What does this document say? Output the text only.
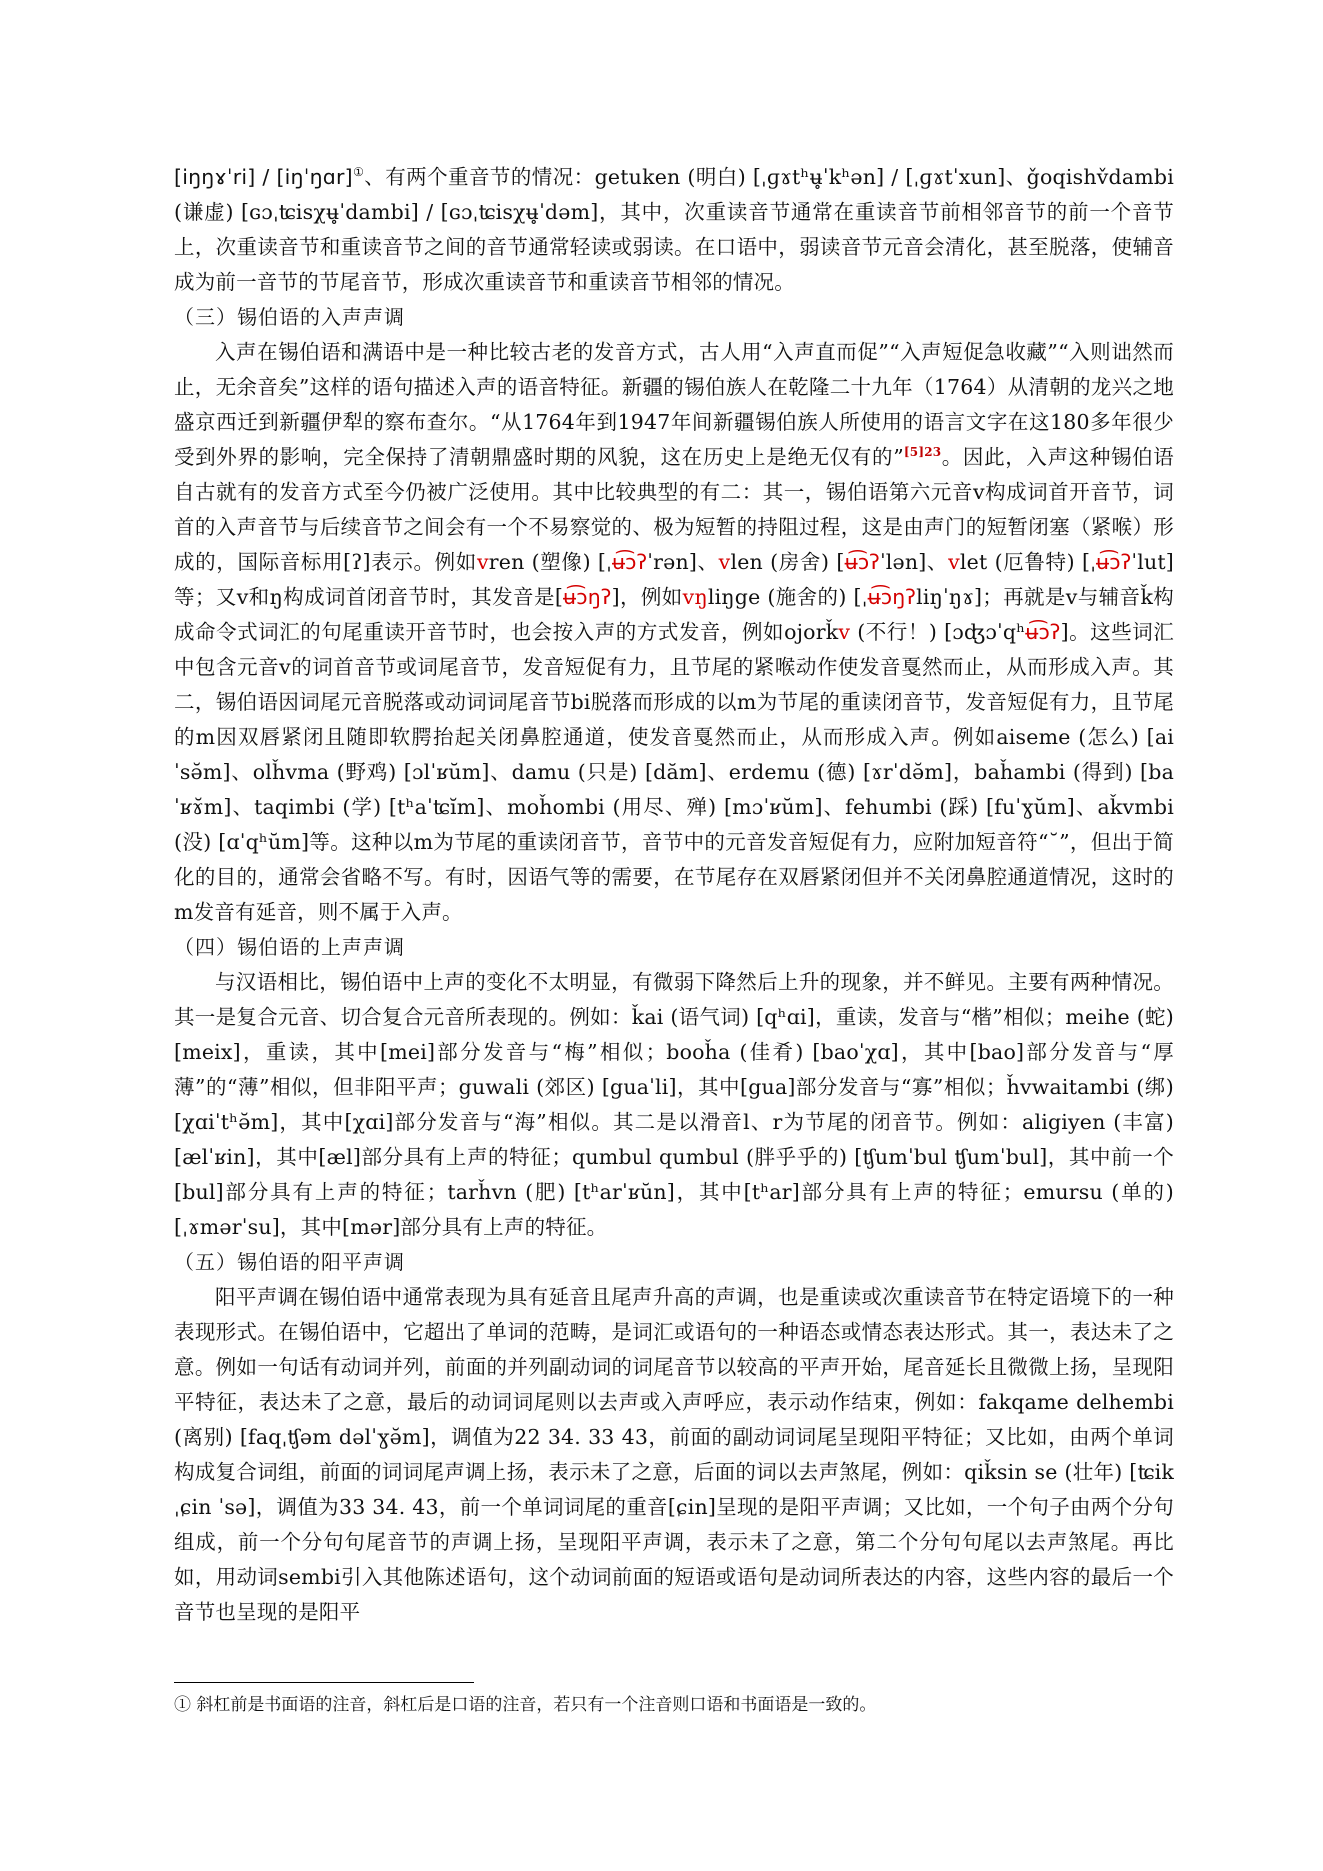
[iŋŋɤˈri] / [iŋˈŋɑr]①、有两个重音节的情况：getuken (明白) [ˌɡɤtʰʉ̥ˈkʰən] / [ˌɡɤtˈxun]、ǧoqishv̌dambi (谦虚) [ɢɔˌʨisχʉ̥ˈdambi] / [ɢɔˌʨisχʉ̥ˈdəm]，其中，次重读音节通常在重读音节前相邻音节的前一个音节上，次重读音节和重读音节之间的音节通常轻读或弱读。在口语中，弱读音节元音会清化，甚至脱落，使辅音成为前一音节的节尾音节，形成次重读音节和重读音节相邻的情况。

（三）锡伯语的入声声调

入声在锡伯语和满语中是一种比较古老的发音方式，古人用“入声直而促”“入声短促急收藏”“入则诎然而止，无余音矣”这样的语句描述入声的语音特征。新疆的锡伯族人在乾隆二十九年（1764）从清朝的龙兴之地盛京西迁到新疆伊犁的察布查尔。“从1764年到1947年间新疆锡伯族人所使用的语言文字在这180多年很少受到外界的影响，完全保持了清朝鼎盛时期的风貌，这在历史上是绝无仅有的”$^{[5]23}$。因此，入声这种锡伯语自古就有的发音方式至今仍被广泛使用。其中比较典型的有二：其一，锡伯语第六元音v构成词首开音节，词首的入声音节与后续音节之间会有一个不易察觉的、极为短暂的持阻过程，这是由声门的短暂闭塞（紧喉）形成的，国际音标用[ʔ]表示。例如vren (塑像) [ˌʉ͡ɔʔˈrən]、vlen (房舍) [ʉ͡ɔʔˈlən]、vlet (厄鲁特) [ˌʉ͡ɔʔˈlut]等；又v和ŋ构成词首闭音节时，其发音是[ʉ͡ɔŋʔ]，例如vŋliŋge (施舍的) [ˌʉ͡ɔŋʔliŋˈŋɤ]；再就是v与辅音ǩ构成命令式词汇的句尾重读开音节时，也会按入声的方式发音，例如ojorǩv (不行！) [ɔʤɔˈqʰʉ͡ɔʔ]。这些词汇中包含元音v的词首音节或词尾音节，发音短促有力，且节尾的紧喉动作使发音戛然而止，从而形成入声。其二，锡伯语因词尾元音脱落或动词词尾音节bi脱落而形成的以m为节尾的重读闭音节，发音短促有力，且节尾的m因双唇紧闭且随即软腭抬起关闭鼻腔通道，使发音戛然而止，从而形成入声。例如aiseme (怎么) [aiˈsə̆m]、olȟvma (野鸡) [ɔlˈʁŭm]、damu (只是) [dăm]、erdemu (德) [ɤrˈdə̆m]，baȟambi (得到) [baˈʁɤ̆m]、taqimbi (学) [tʰaˈʨĭm]、moȟombi (用尽、殚) [mɔˈʁŭm]、fehumbi (踩) [fuˈɣŭm]、aǩvmbi (没) [ɑˈqʰŭm]等。这种以m为节尾的重读闭音节，音节中的元音发音短促有力，应附加短音符“˘”，但出于简化的目的，通常会省略不写。有时，因语气等的需要，在节尾存在双唇紧闭但并不关闭鼻腔通道情况，这时的m发音有延音，则不属于入声。

（四）锡伯语的上声声调

与汉语相比，锡伯语中上声的变化不太明显，有微弱下降然后上升的现象，并不鲜见。主要有两种情况。其一是复合元音、切合复合元音所表现的。例如：ǩai (语气词) [qʰɑi]，重读，发音与“楷”相似；meihe (蛇) [meix]，重读，其中[mei]部分发音与“梅”相似；booȟa (佳肴) [baoˈχɑ]，其中[bao]部分发音与“厚薄”的“薄”相似，但非阳平声；guwali (郊区) [guaˈli]，其中[gua]部分发音与“寡”相似；ȟvwaitambi (绑) [χɑiˈtʰə̆m]，其中[χɑi]部分发音与“海”相似。其二是以滑音l、r为节尾的闭音节。例如：aligiyen (丰富) [ælˈʁin]，其中[æl]部分具有上声的特征；qumbul qumbul (胖乎乎的) [ʧumˈbul ʧumˈbul]，其中前一个[bul]部分具有上声的特征；tarȟvn (肥) [tʰarˈʁŭn]，其中[tʰar]部分具有上声的特征；emursu (单的) [ˌɤmərˈsu]，其中[mər]部分具有上声的特征。

（五）锡伯语的阳平声调

阳平声调在锡伯语中通常表现为具有延音且尾声升高的声调，也是重读或次重读音节在特定语境下的一种表现形式。在锡伯语中，它超出了单词的范畴，是词汇或语句的一种语态或情态表达形式。其一，表达未了之意。例如一句话有动词并列，前面的并列副动词的词尾音节以较高的平声开始，尾音延长且微微上扬，呈现阳平特征，表达未了之意，最后的动词词尾则以去声或入声呼应，表示动作结束，例如：fakqame delhembi (离别) [faqˌʧəm dəlˈɣə̆m]，调值为22 34. 33 43，前面的副动词词尾呈现阳平特征；又比如，由两个单词构成复合词组，前面的词词尾声调上扬，表示未了之意，后面的词以去声煞尾，例如：qiǩsin se (壮年) [ʨikˌɕin ˈsə]，调值为33 34. 43，前一个单词词尾的重音[ɕin]呈现的是阳平声调；又比如，一个句子由两个分句组成，前一个分句句尾音节的声调上扬，呈现阳平声调，表示未了之意，第二个分句句尾以去声煞尾。再比如，用动词sembi引入其他陈述语句，这个动词前面的短语或语句是动词所表达的内容，这些内容的最后一个音节也呈现的是阳平

① 斜杠前是书面语的注音，斜杠后是口语的注音，若只有一个注音则口语和书面语是一致的。
